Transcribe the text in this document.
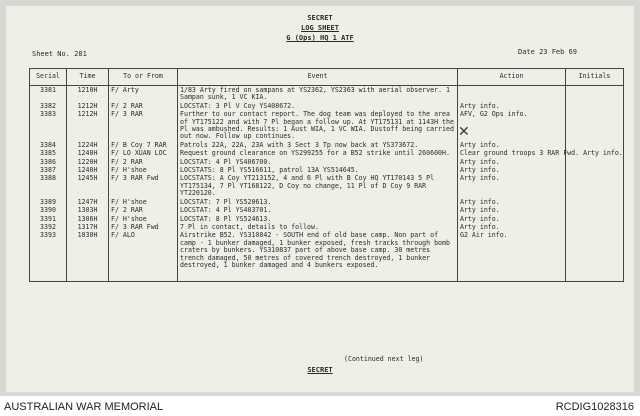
SECRET
LOG SHEET
G (Ops) HQ 1 ATF
Sheet No. 281	Date 23 Feb 69
Serial	Time	To or From	Event	Action	Initials
3381	1210H	F/ Arty	1/83 Arty fired on sampans at YS2362, YS2363 with aerial observer. 1 Sampan sunk, 1 VC KIA.		
3382	1212H	F/ 2 RAR	LOCSTAT: 3 Pl V Coy YS408672.	Arty info.	
3383	1212H	F/ 3 RAR	Further to our contact report. The dog team was deployed to the area of YT175122 and with 7 Pl began a follow up. At YT175131 at 1143H the Pl was ambushed. Results: 1 Aust WIA, 1 VC WIA. Dustoff being carried out now. Follow up continues.	AFV, G2 Ops info.	
3384	1224H	F/ B Coy 7 RAR	Patrols 22A, 22A, 23A with 3 Sect 3 Tp now back at YS373672.	Arty info.	
3385	1240H	F/ LO XUAN LOC	Request ground clearance on YS299255 for a B52 strike until 260600H.	Clear ground troops 3 RAR Fwd. Arty info.	
3386	1220H	F/ 2 RAR	LOCSTAT: 4 Pl YS406700.	Arty info.	
3387	1240H	F/ H'shoe	LOCSTATS: 8 Pl YS516611, patrol 13A YS514645.	Arty info.	
3388	1245H	F/ 3 RAR Fwd	LOCSTATS: A Coy YT213152, 4 and 6 Pl with B Coy HQ YT170143 5 Pl YT175134, 7 Pl YT168122, D Coy no change, 11 Pl of D Coy 9 RAR YT220120.	Arty info.	
3389	1247H	F/ H'shoe	LOCSTAT: 7 Pl YS520613.	Arty info.	
3390	1303H	F/ 2 RAR	LOCSTAT: 4 Pl YS403701.	Arty info.	
3391	1306H	F/ H'shoe	LOCSTAT: 8 Pl YS524613.	Arty info.	
3392	1317H	F/ 3 RAR Fwd	7 Pl in contact, details to follow.	Arty info.	
3393	1030H	F/ ALO	Airstrike B52. YS310842 - SOUTH end of old base camp. Non part of camp - 1 bunker damaged, 1 bunker exposed, fresh tracks through bomb craters by bunkers. YS310837 part of above base camp. 30 metres trench damaged, 50 metres of covered trench destroyed, 1 bunker destroyed, 1 bunker damaged and 4 bunkers exposed.	G2 Air info.	
✕
(Continued next leg)
SECRET
AUSTRALIAN WAR MEMORIAL	RCDIG1028316
